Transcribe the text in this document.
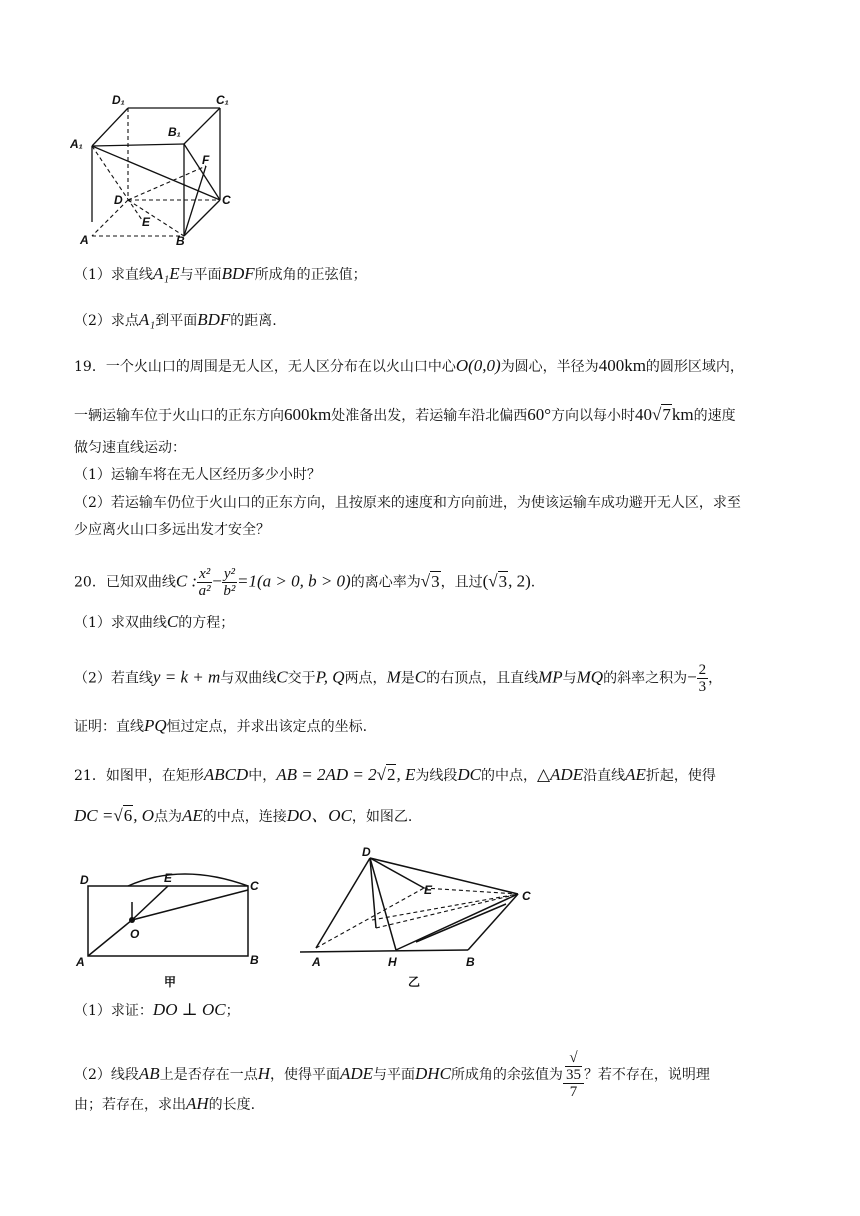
D₁	C₁
A₁
B₁
F
D	C
E
A	B
（1）求直线A₁E与平面BDF所成角的正弦值；
（2）求点A₁到平面BDF的距离.
19．一个火山口的周围是无人区，无人区分布在以火山口中心O(0,0)为圆心，半径为400km的圆形区域内，
一辆运输车位于火山口的正东方向600km处准备出发，若运输车沿北偏西60°方向以每小时40√7km的速度
做匀速直线运动：
（1）运输车将在无人区经历多少小时？
（2）若运输车仍位于火山口的正东方向，且按原来的速度和方向前进，为使该运输车成功避开无人区，求至
少应离火山口多远出发才安全？
20．已知双曲线C : $\frac{\text{x²}}{\text{a²}} - \frac{\text{y²}}{\text{b²}} =1(a > 0$, b > 0)的离心率为√3，且过(√3, 2).
（1）求双曲线C的方程；
（2）若直线y = k + m与双曲线C交于P, Q两点，M是C的右顶点，且直线MP与MQ的斜率之积为− $\frac{2}{3}$ ，
证明：直线PQ恒过定点，并求出该定点的坐标.
21．如图甲，在矩形ABCD中，AB = 2AD = 2√2, E为线段DC的中点，△ADE沿直线AE折起，使得
DC =√6, O点为AE的中点，连接DO、OC，如图乙.
D	E
C
O
A	B
甲
D
E	C
A	H	B
乙
（1）求证：DO ⊥ OC；
（2）线段AB上是否存在一点H，使得平面ADE与平面DHC所成角的余弦值为 √
35
7 ？若不存在，说明理
由；若存在，求出AH的长度.
